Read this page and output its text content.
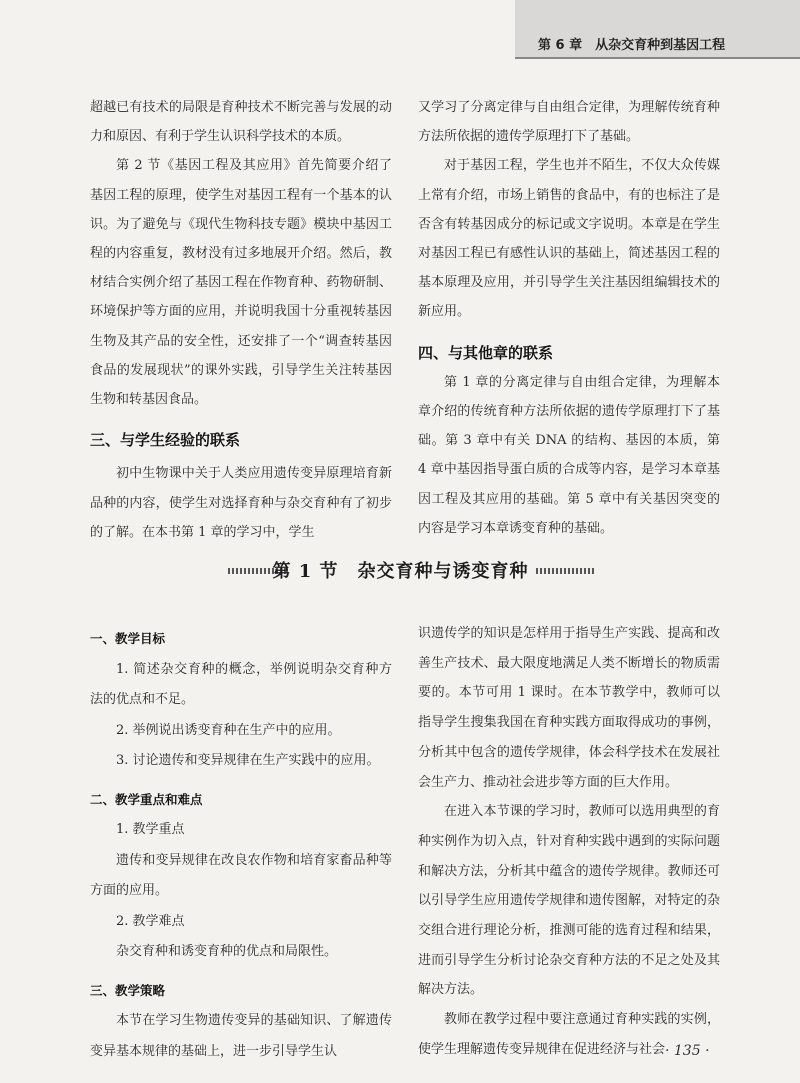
第 6 章　从杂交育种到基因工程

超越已有技术的局限是育种技术不断完善与发展的动力和原因、有利于学生认识科学技术的本质。

第 2 节《基因工程及其应用》首先简要介绍了基因工程的原理，使学生对基因工程有一个基本的认识。为了避免与《现代生物科技专题》模块中基因工程的内容重复，教材没有过多地展开介绍。然后，教材结合实例介绍了基因工程在作物育种、药物研制、环境保护等方面的应用，并说明我国十分重视转基因生物及其产品的安全性，还安排了一个“调查转基因食品的发展现状”的课外实践，引导学生关注转基因生物和转基因食品。

三、与学生经验的联系

初中生物课中关于人类应用遗传变异原理培育新品种的内容，使学生对选择育种与杂交育种有了初步的了解。在本书第 1 章的学习中，学生

又学习了分离定律与自由组合定律，为理解传统育种方法所依据的遗传学原理打下了基础。

对于基因工程，学生也并不陌生，不仅大众传媒上常有介绍，市场上销售的食品中，有的也标注了是否含有转基因成分的标记或文字说明。本章是在学生对基因工程已有感性认识的基础上，简述基因工程的基本原理及应用，并引导学生关注基因组编辑技术的新应用。

四、与其他章的联系

第 1 章的分离定律与自由组合定律，为理解本章介绍的传统育种方法所依据的遗传学原理打下了基础。第 3 章中有关 DNA 的结构、基因的本质，第 4 章中基因指导蛋白质的合成等内容，是学习本章基因工程及其应用的基础。第 5 章中有关基因突变的内容是学习本章诱变育种的基础。

第 1 节　杂交育种与诱变育种
一、教学目标

1. 简述杂交育种的概念，举例说明杂交育种方法的优点和不足。

2. 举例说出诱变育种在生产中的应用。

3. 讨论遗传和变异规律在生产实践中的应用。

二、教学重点和难点

1. 教学重点

遗传和变异规律在改良农作物和培育家畜品种等方面的应用。

2. 教学难点

杂交育种和诱变育种的优点和局限性。

三、教学策略

本节在学习生物遗传变异的基础知识、了解遗传变异基本规律的基础上，进一步引导学生认

识遗传学的知识是怎样用于指导生产实践、提高和改善生产技术、最大限度地满足人类不断增长的物质需要的。本节可用 1 课时。在本节教学中，教师可以指导学生搜集我国在育种实践方面取得成功的事例，分析其中包含的遗传学规律，体会科学技术在发展社会生产力、推动社会进步等方面的巨大作用。

在进入本节课的学习时，教师可以选用典型的育种实例作为切入点，针对育种实践中遇到的实际问题和解决方法，分析其中蕴含的遗传学规律。教师还可以引导学生应用遗传学规律和遗传图解，对特定的杂交组合进行理论分析，推测可能的选育过程和结果，进而引导学生分析讨论杂交育种方法的不足之处及其解决方法。

教师在教学过程中要注意通过育种实践的实例，使学生理解遗传变异规律在促进经济与社会 · 135 ·
